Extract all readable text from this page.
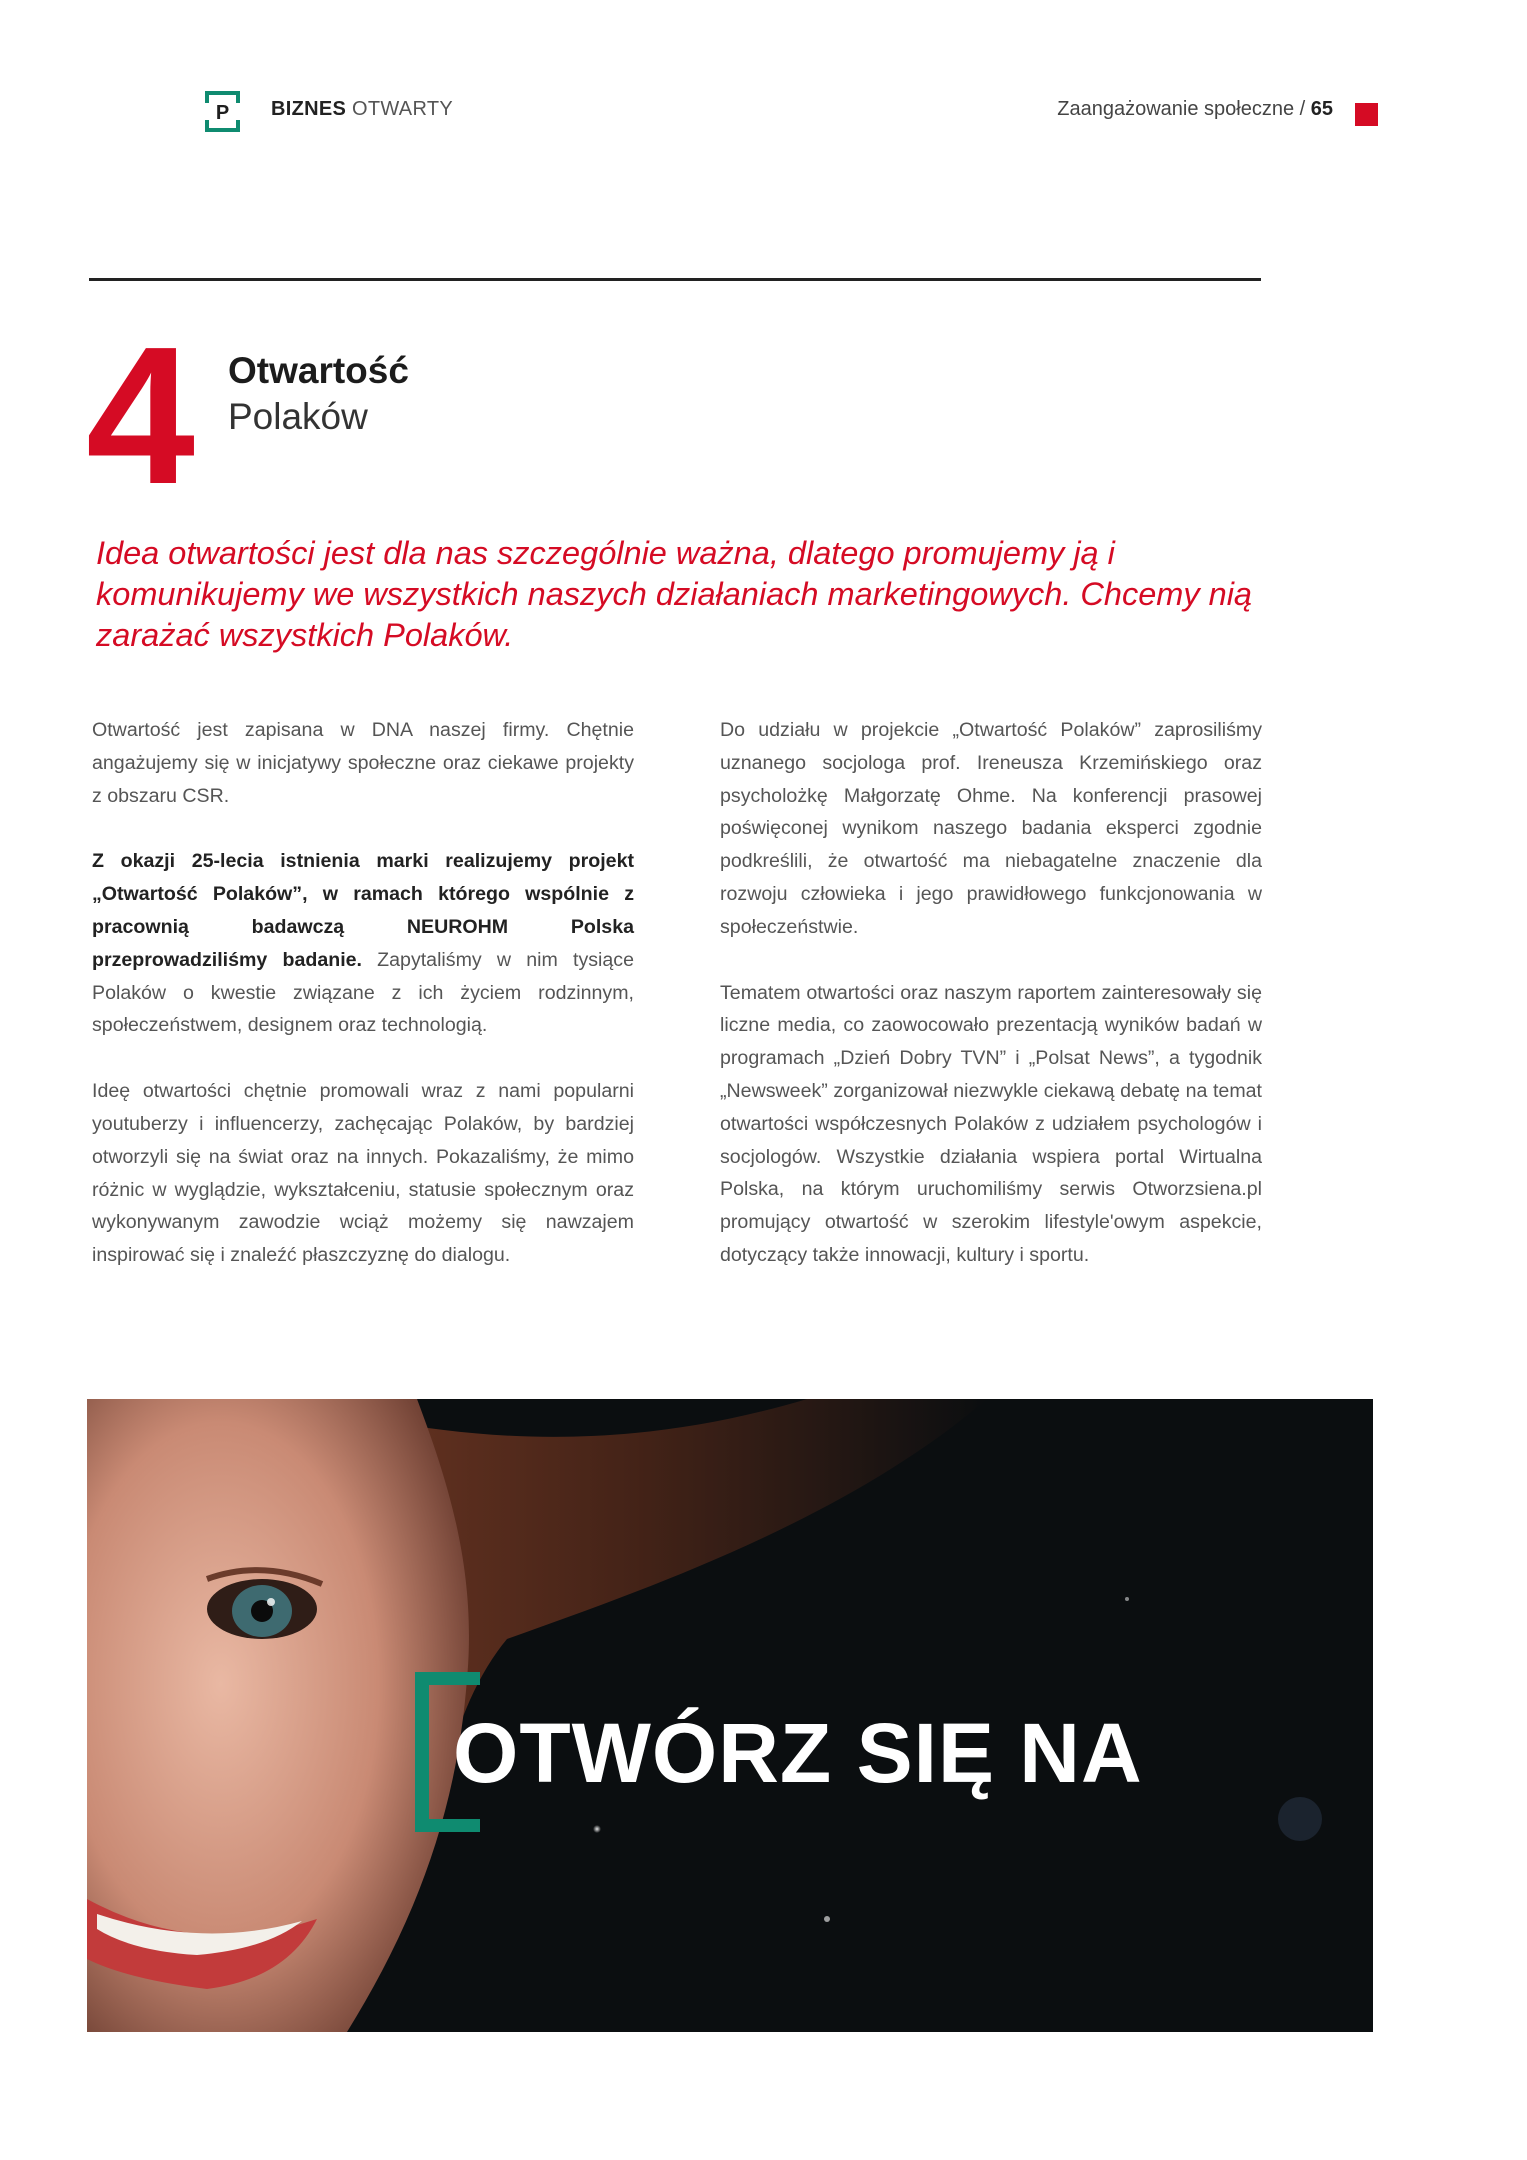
P BIZNES OTWARTY	Zaangażowanie społeczne / 65
4 Otwartość
Polaków

Idea otwartości jest dla nas szczególnie ważna, dlatego promujemy ją i komunikujemy we wszystkich naszych działaniach marketingowych. Chcemy nią zarażać wszystkich Polaków.

Otwartość jest zapisana w DNA naszej firmy. Chętnie angażujemy się w inicjatywy społeczne oraz ciekawe projekty z obszaru CSR.

Z okazji 25-lecia istnienia marki realizujemy projekt „Otwartość Polaków”, w ramach którego wspólnie z pracownią badawczą NEUROHM Polska przeprowadziliśmy badanie. Zapytaliśmy w nim tysiące Polaków o kwestie związane z ich życiem rodzinnym, społeczeństwem, designem oraz technologią.

Ideę otwartości chętnie promowali wraz z nami popularni youtuberzy i influencerzy, zachęcając Polaków, by bardziej otworzyli się na świat oraz na innych. Pokazaliśmy, że mimo różnic w wyglądzie, wykształceniu, statusie społecznym oraz wykonywanym zawodzie wciąż możemy się nawzajem inspirować się i znaleźć płaszczyznę do dialogu.

Do udziału w projekcie „Otwartość Polaków” zaprosiliśmy uznanego socjologa prof. Ireneusza Krzemińskiego oraz psycholożkę Małgorzatę Ohme. Na konferencji prasowej poświęconej wynikom naszego badania eksperci zgodnie podkreślili, że otwartość ma niebagatelne znaczenie dla rozwoju człowieka i jego prawidłowego funkcjonowania w społeczeństwie.

Tematem otwartości oraz naszym raportem zainteresowały się liczne media, co zaowocowało prezentacją wyników badań w programach „Dzień Dobry TVN” i „Polsat News”, a tygodnik „Newsweek” zorganizował niezwykle ciekawą debatę na temat otwartości współczesnych Polaków z udziałem psychologów i socjologów. Wszystkie działania wspiera portal Wirtualna Polska, na którym uruchomiliśmy serwis Otworzsiena.pl promujący otwartość w szerokim lifestyle'owym aspekcie, dotyczący także innowacji, kultury i sportu.

OTWÓRZ SIĘ NA
